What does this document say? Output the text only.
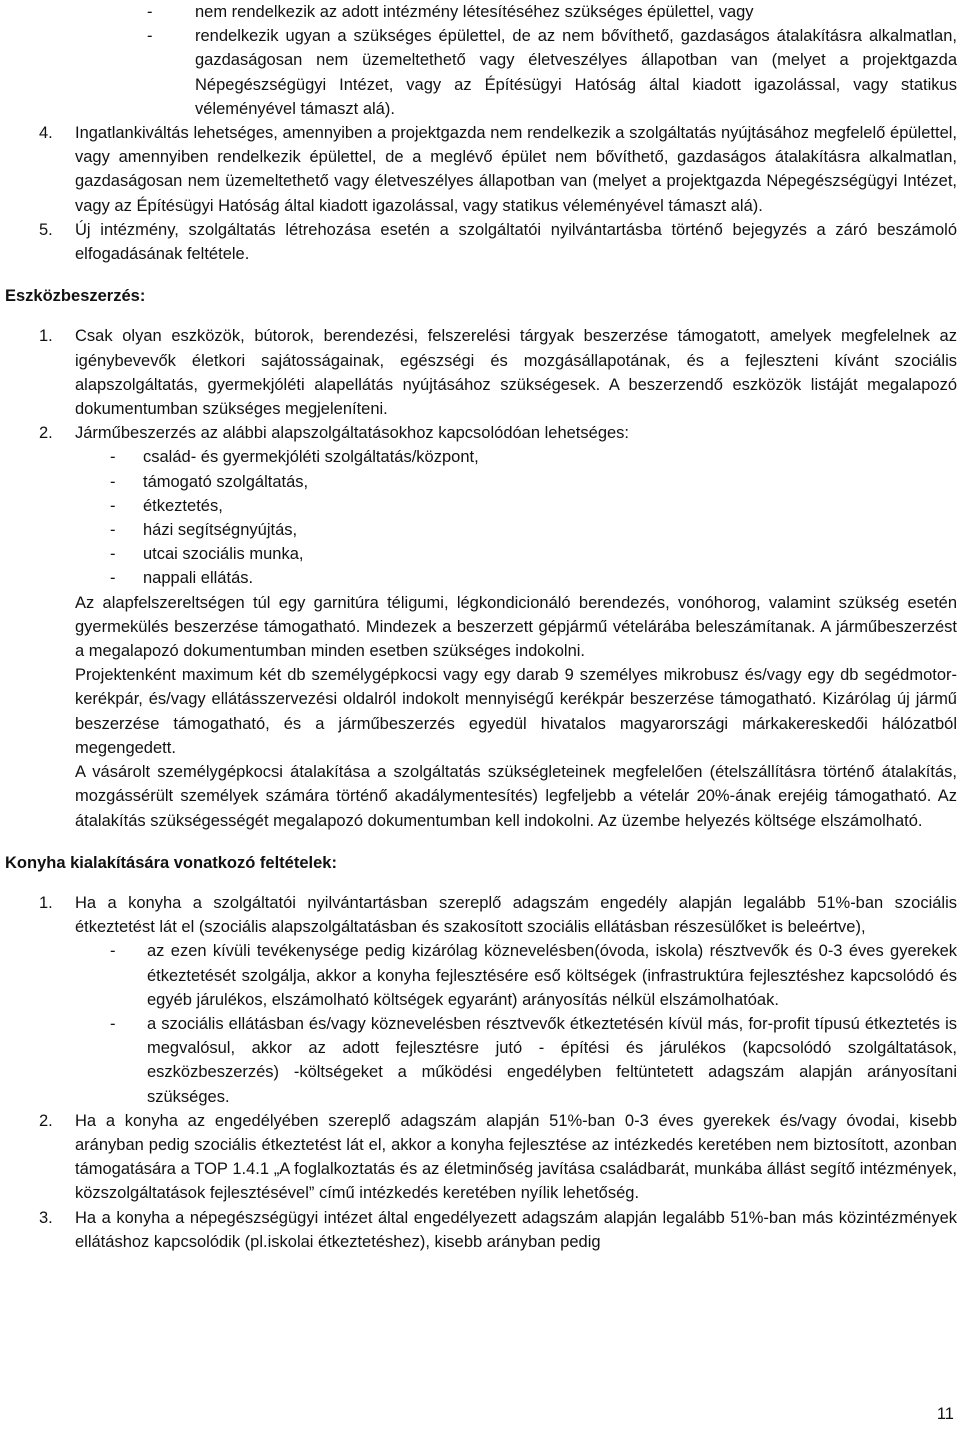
-	nem rendelkezik az adott intézmény létesítéséhez szükséges épülettel, vagy

-	rendelkezik ugyan a szükséges épülettel, de az nem bővíthető, gazdaságos átalakításra alkalmatlan, gazdaságosan nem üzemeltethető vagy életveszélyes állapotban van (melyet a projektgazda Népegészségügyi Intézet, vagy az Építésügyi Hatóság által kiadott igazolással, vagy statikus véleményével támaszt alá).

4. Ingatlankiváltás lehetséges, amennyiben a projektgazda nem rendelkezik a szolgáltatás nyújtásához megfelelő épülettel, vagy amennyiben rendelkezik épülettel, de a meglévő épület nem bővíthető, gazdaságos átalakításra alkalmatlan, gazdaságosan nem üzemeltethető vagy életveszélyes állapotban van (melyet a projektgazda Népegészségügyi Intézet, vagy az Építésügyi Hatóság által kiadott igazolással, vagy statikus véleményével támaszt alá).

5. Új intézmény, szolgáltatás létrehozása esetén a szolgáltatói nyilvántartásba történő bejegyzés a záró beszámoló elfogadásának feltétele.

Eszközbeszerzés:

1. Csak olyan eszközök, bútorok, berendezési, felszerelési tárgyak beszerzése támogatott, amelyek megfelelnek az igénybevevők életkori sajátosságainak, egészségi és mozgásállapotának, és a fejleszteni kívánt szociális alapszolgáltatás, gyermekjóléti alapellátás nyújtásához szükségesek. A beszerzendő eszközök listáját megalapozó dokumentumban szükséges megjeleníteni.

2. Járműbeszerzés az alábbi alapszolgáltatásokhoz kapcsolódóan lehetséges:

- család- és gyermekjóléti szolgáltatás/központ,
- támogató szolgáltatás,
- étkeztetés,
- házi segítségnyújtás,
- utcai szociális munka,
- nappali ellátás.

Az alapfelszereltségen túl egy garnitúra téligumi, légkondicionáló berendezés, vonóhorog, valamint szükség esetén gyermekülés beszerzése támogatható. Mindezek a beszerzett gépjármű vételárába beleszámítanak. A járműbeszerzést a megalapozó dokumentumban minden esetben szükséges indokolni.

Projektenként maximum két db személygépkocsi vagy egy darab 9 személyes mikrobusz és/vagy egy db segédmotor-kerékpár, és/vagy ellátásszervezési oldalról indokolt mennyiségű kerékpár beszerzése támogatható. Kizárólag új jármű beszerzése támogatható, és a járműbeszerzés egyedül hivatalos magyarországi márkakereskedői hálózatból megengedett.

A vásárolt személygépkocsi átalakítása a szolgáltatás szükségleteinek megfelelően (ételszállításra történő átalakítás, mozgássérült személyek számára történő akadálymentesítés) legfeljebb a vételár 20%-ának erejéig támogatható. Az átalakítás szükségességét megalapozó dokumentumban kell indokolni. Az üzembe helyezés költsége elszámolható.

Konyha kialakítására vonatkozó feltételek:

1. Ha a konyha a szolgáltatói nyilvántartásban szereplő adagszám engedély alapján legalább 51%-ban szociális étkeztetést lát el (szociális alapszolgáltatásban és szakosított szociális ellátásban részesülőket is beleértve),

- az ezen kívüli tevékenysége pedig kizárólag köznevelésben(óvoda, iskola) résztvevők és 0-3 éves gyerekek étkeztetését szolgálja, akkor a konyha fejlesztésére eső költségek (infrastruktúra fejlesztéshez kapcsolódó és egyéb járulékos, elszámolható költségek egyaránt) arányosítás nélkül elszámolhatóak.

- a szociális ellátásban és/vagy köznevelésben résztvevők étkeztetésén kívül más, for-profit típusú étkeztetés is megvalósul, akkor az adott fejlesztésre jutó - építési és járulékos (kapcsolódó szolgáltatások, eszközbeszerzés) -költségeket a működési engedélyben feltüntetett adagszám alapján arányosítani szükséges.

2. Ha a konyha az engedélyében szereplő adagszám alapján 51%-ban 0-3 éves gyerekek és/vagy óvodai, kisebb arányban pedig szociális étkeztetést lát el, akkor a konyha fejlesztése az intézkedés keretében nem biztosított, azonban támogatására a TOP 1.4.1 „A foglalkoztatás és az életminőség javítása családbarát, munkába állást segítő intézmények, közszolgáltatások fejlesztésével” című intézkedés keretében nyílik lehetőség.

3. Ha a konyha a népegészségügyi intézet által engedélyezett adagszám alapján legalább 51%-ban más közintézmények ellátáshoz kapcsolódik (pl.iskolai étkeztetéshez), kisebb arányban pedig

11
